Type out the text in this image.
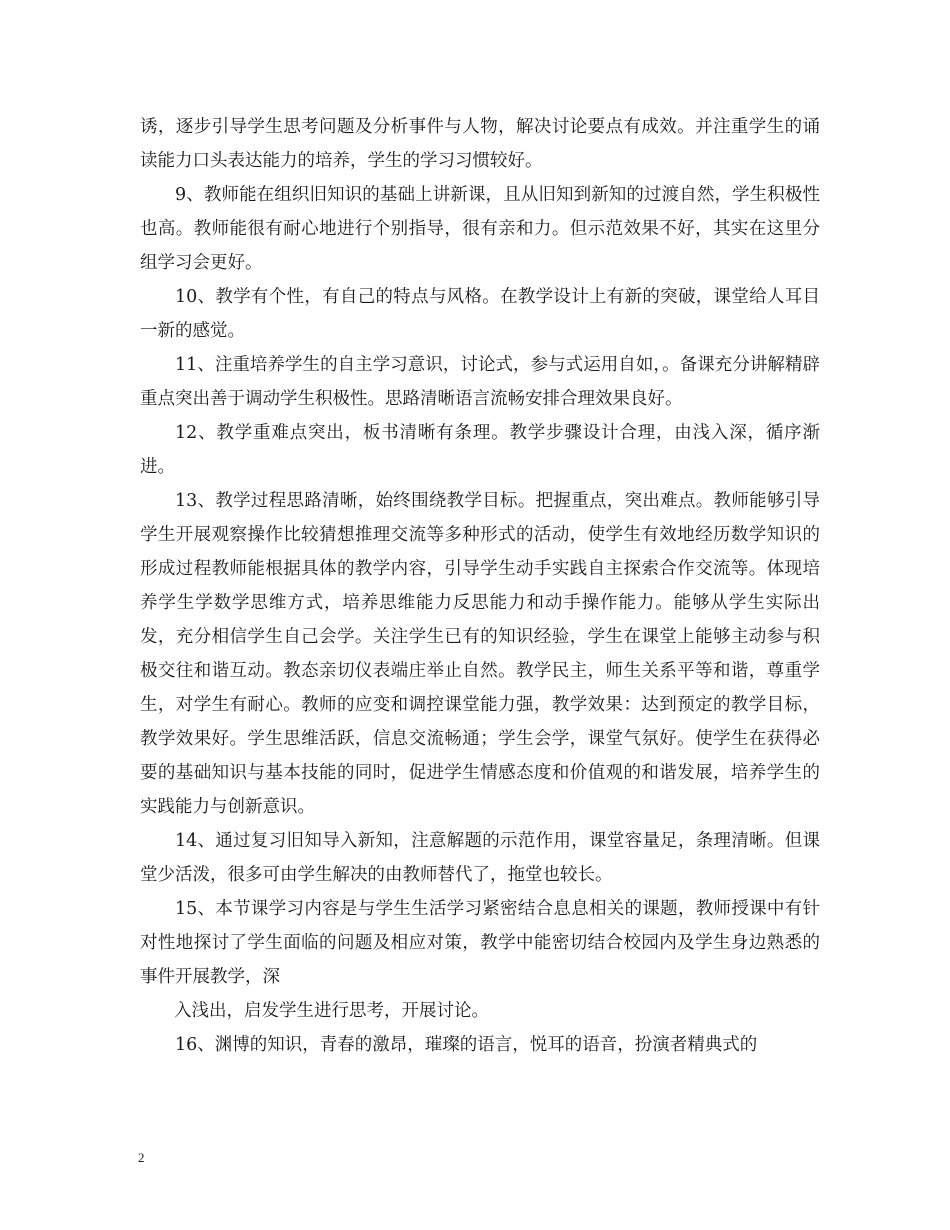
诱，逐步引导学生思考问题及分析事件与人物，解决讨论要点有成效。并注重学生的诵读能力口头表达能力的培养，学生的学习习惯较好。

9、教师能在组织旧知识的基础上讲新课，且从旧知到新知的过渡自然，学生积极性也高。教师能很有耐心地进行个别指导，很有亲和力。但示范效果不好，其实在这里分组学习会更好。

10、教学有个性，有自己的特点与风格。在教学设计上有新的突破，课堂给人耳目一新的感觉。

11、注重培养学生的自主学习意识，讨论式，参与式运用自如，。备课充分讲解精辟重点突出善于调动学生积极性。思路清晰语言流畅安排合理效果良好。

12、教学重难点突出，板书清晰有条理。教学步骤设计合理，由浅入深，循序渐进。

13、教学过程思路清晰，始终围绕教学目标。把握重点，突出难点。教师能够引导学生开展观察操作比较猜想推理交流等多种形式的活动，使学生有效地经历数学知识的形成过程教师能根据具体的教学内容，引导学生动手实践自主探索合作交流等。体现培养学生学数学思维方式，培养思维能力反思能力和动手操作能力。能够从学生实际出发，充分相信学生自己会学。关注学生已有的知识经验，学生在课堂上能够主动参与积极交往和谐互动。教态亲切仪表端庄举止自然。教学民主，师生关系平等和谐，尊重学生，对学生有耐心。教师的应变和调控课堂能力强，教学效果：达到预定的教学目标，教学效果好。学生思维活跃，信息交流畅通；学生会学，课堂气氛好。使学生在获得必要的基础知识与基本技能的同时，促进学生情感态度和价值观的和谐发展，培养学生的实践能力与创新意识。

14、通过复习旧知导入新知，注意解题的示范作用，课堂容量足，条理清晰。但课堂少活泼，很多可由学生解决的由教师替代了，拖堂也较长。

15、本节课学习内容是与学生生活学习紧密结合息息相关的课题，教师授课中有针对性地探讨了学生面临的问题及相应对策，教学中能密切结合校园内及学生身边熟悉的事件开展教学，深

入浅出，启发学生进行思考，开展讨论。

16、渊博的知识，青春的激昂，璀璨的语言，悦耳的语音，扮演者精典式的

2
